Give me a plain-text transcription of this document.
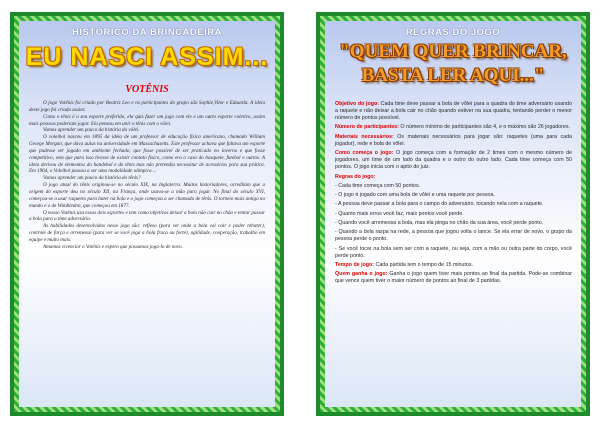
HISTÓRICO DA BRINCADEIRA
EU NASCI ASSIM...
VOTÊNIS

O jogo Votênis foi criado por Beatriz Leo e os participantes do grupo são Sophie,Vitor e Eduarda. A ideia deste jogo foi criado assim:

Como o tênis é o seu esporte preferido, ela quis fazer um jogo com ele e um outro esporte coletivo, assim mais pessoas poderiam jogar. Ela pensou em unir o tênis com o vôlei.

Vamos aprender um pouco da história do vôlei.

O voleibol nasceu em 1895 da ideia de um professor de educação física americano, chamado William George Morgan, que dava aulas na universidade em Massachusetts. Este professor achava que faltava um esporte que pudesse ser jogado em ambiente fechado, que fosse possível de ser praticado no inverno e que fosse competitivo, sem que para isso tivesse de existir contato físico, como era o caso do basquete, futebol e outros. A ideia derivou de elementos do handebol e do tênis mas não pretendia necessitar de acessórios para sua prática. Em 1964, o Voleibol passou a ser uma modalidade olímpica ...

Vamos aprender um pouco da história do tênis?

O jogo atual do tênis originou-se no século XIX, na Inglaterra. Muitos historiadores, acreditam que a origem do esporte deu no século XII, na França, onde usava-se a mão para jogar. No final do século XVI, começou-se a usar raquetes para bater na bola e o jogo começou a ser chamado de tênis. O torneio mais antigo no mundo é o de Wimbledon, que começou em 1877.

O nosso Votênis usa essas dois esportes e tem como objetivos deixar a bola não cair no chão e tentar passar a bola para o time adversário.

As habilidades desenvolvidas nesse jogo são: reflexo (para ver onde a bola vai cair e poder rebater), controle de força e arremesso (para ver se você joga a bola fraca ou forte), agilidade, cooperação, trabalho em equipe e muito mais.

Amamos vivenciar o Votênis e espero que possamos jogá-lo de novo.

REGRAS DO JOGO
"QUEM QUER BRINCAR,
BASTA LER AQUI..."

Objetivo do jogo: Cada time deve passar a bola de vôlei para a quadra do time adversário usando a raquete e não deixar a bola cair no chão quando estiver na sua quadra, tentando perder o menor número de pontos possível.

Número de participantes: O número mínimo de participantes são 4, e o máximo são 26 jogadores.

Materiais necessários: Os materiais necessários para jogar são: raquetes (uma para cada jogador), rede e bola de vôlei.

Como começa o jogo: O jogo começa com a formação de 2 times com o mesmo número de jogadores, um time de um lado da quadra e o outro do outro lado. Cada time começa com 50 pontos. O jogo inicia com o apito do juiz.

Regras do jogo:

- Cada time começa com 50 pontos.

- O jogo é jogado com uma bola de vôlei e uma raquete por pessoa.

- A pessoa deve passar a bola para o campo do adversário, tocando nela com a raquete.

- Quanto mais erros você faz, mais pontos você perde.

- Quando você arremessa a bola, mas ela pinga no chão da sua área, você perde ponto.

- Quando a bola raspa na rede, a pessoa que jogou volta o lance. Se ela errar de novo, o grupo da pessoa perde o ponto.

- Se você tocar na bola sem ser com a raquete, ou seja, com a mão ou outra parte do corpo, você perde ponto.

Tempo de jogo: Cada partida tem o tempo de 15 minutos.

Quem ganha o jogo: Ganha o jogo quem tiver mais pontos ao final da partida. Pode-se combinar que vence quem tiver o maior número de pontos ao final de 3 partidas.
